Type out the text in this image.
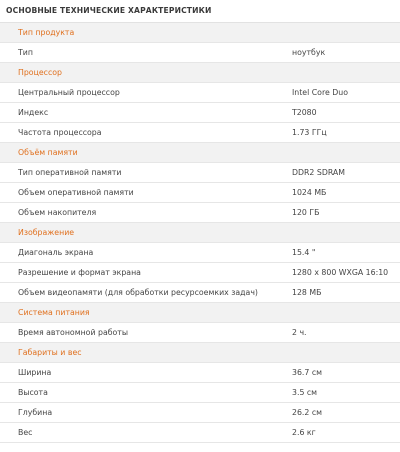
ОСНОВНЫЕ ТЕХНИЧЕСКИЕ ХАРАКТЕРИСТИКИ
Тип продукта
Тип	ноутбук
Процессор
Центральный процессор	Intel Core Duo
Индекс	T2080
Частота процессора	1.73 ГГц
Объём памяти
Тип оперативной памяти	DDR2 SDRAM
Объем оперативной памяти	1024 МБ
Объем накопителя	120 ГБ
Изображение
Диагональ экрана	15.4 "
Разрешение и формат экрана	1280 x 800 WXGA 16:10
Объем видеопамяти (для обработки ресурсоемких задач)	128 МБ
Система питания
Время автономной работы	2 ч.
Габариты и вес
Ширина	36.7 см
Высота	3.5 см
Глубина	26.2 см
Вес	2.6 кг
